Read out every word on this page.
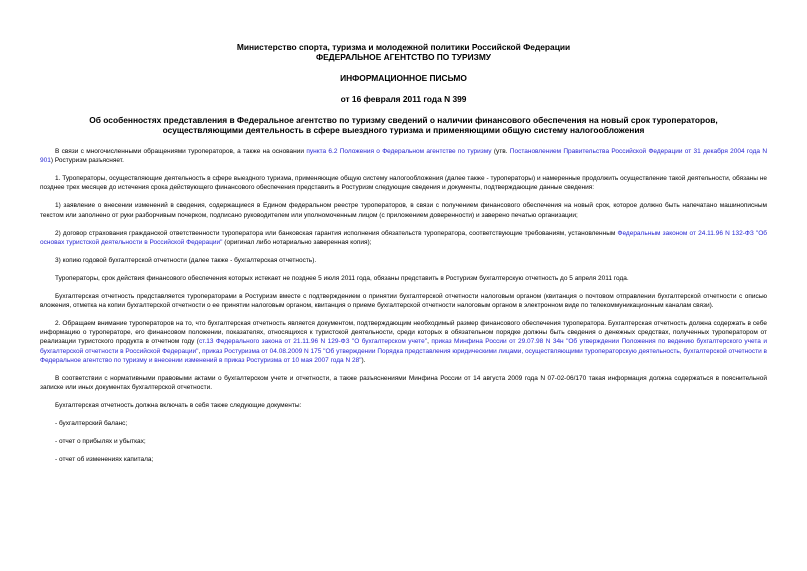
Министерство спорта, туризма и молодежной политики Российской Федерации
ФЕДЕРАЛЬНОЕ АГЕНТСТВО ПО ТУРИЗМУ
ИНФОРМАЦИОННОЕ ПИСЬМО
от 16 февраля 2011 года N 399
Об особенностях представления в Федеральное агентство по туризму сведений о наличии финансового обеспечения на новый срок туроператоров,
осуществляющими деятельность в сфере выездного туризма и применяющими общую систему налогообложения

В связи с многочисленными обращениями туроператоров, а также на основании пункта 6.2 Положения о Федеральном агентстве по туризму (утв. Постановлением Правительства Российской Федерации от 31 декабря 2004 года N 901) Ростуризм разъясняет.

1. Туроператоры, осуществляющие деятельность в сфере выездного туризма, применяющие общую систему налогообложения (далее также - туроператоры) и намеренные продолжить осуществление такой деятельности, обязаны не позднее трех месяцев до истечения срока действующего финансового обеспечения представить в Ростуризм следующие сведения и документы, подтверждающие данные сведения:

1) заявление о внесении изменений в сведения, содержащиеся в Едином федеральном реестре туроператоров, в связи с получением финансового обеспечения на новый срок, которое должно быть напечатано машинописным текстом или заполнено от руки разборчивым почерком, подписано руководителем или уполномоченным лицом (с приложением доверенности) и заверено печатью организации;

2) договор страхования гражданской ответственности туроператора или банковская гарантия исполнения обязательств туроператора, соответствующие требованиям, установленным Федеральным законом от 24.11.96 N 132-ФЗ "Об основах туристской деятельности в Российской Федерации" (оригинал либо нотариально заверенная копия);

3) копию годовой бухгалтерской отчетности (далее также - бухгалтерская отчетность).

Туроператоры, срок действия финансового обеспечения которых истекает не позднее 5 июля 2011 года, обязаны представить в Ростуризм бухгалтерскую отчетность до 5 апреля 2011 года.

Бухгалтерская отчетность представляется туроператорами в Ростуризм вместе с подтверждением о принятии бухгалтерской отчетности налоговым органом (квитанция о почтовом отправлении бухгалтерской отчетности с описью вложения, отметка на копии бухгалтерской отчетности о ее принятии налоговым органом, квитанция о приеме бухгалтерской отчетности налоговым органом в электронном виде по телекоммуникационным каналам связи).

2. Обращаем внимание туроператоров на то, что бухгалтерская отчетность является документом, подтверждающим необходимый размер финансового обеспечения туроператора. Бухгалтерская отчетность должна содержать в себе информацию о туроператоре, его финансовом положении, показателях, относящихся к туристской деятельности, среди которых в обязательном порядке должны быть сведения о денежных средствах, полученных туроператором от реализации туристского продукта в отчетном году (ст.13 Федерального закона от 21.11.96 N 129-ФЗ "О бухгалтерском учете", приказ Минфина России от 29.07.98 N 34н "Об утверждении Положения по ведению бухгалтерского учета и бухгалтерской отчетности в Российской Федерации", приказ Ростуризма от 04.08.2009 N 175 "Об утверждении Порядка представления юридическими лицами, осуществляющими туроператорскую деятельность, бухгалтерской отчетности в Федеральное агентство по туризму и внесении изменений в приказ Ростуризма от 10 мая 2007 года N 28").

В соответствии с нормативными правовыми актами о бухгалтерском учете и отчетности, а также разъяснениями Минфина России от 14 августа 2009 года N 07-02-06/170 такая информация должна содержаться в пояснительной записке или иных документах бухгалтерской отчетности.

Бухгалтерская отчетность должна включать в себя также следующие документы:

- бухгалтерский баланс;

- отчет о прибылях и убытках;

- отчет об изменениях капитала;
